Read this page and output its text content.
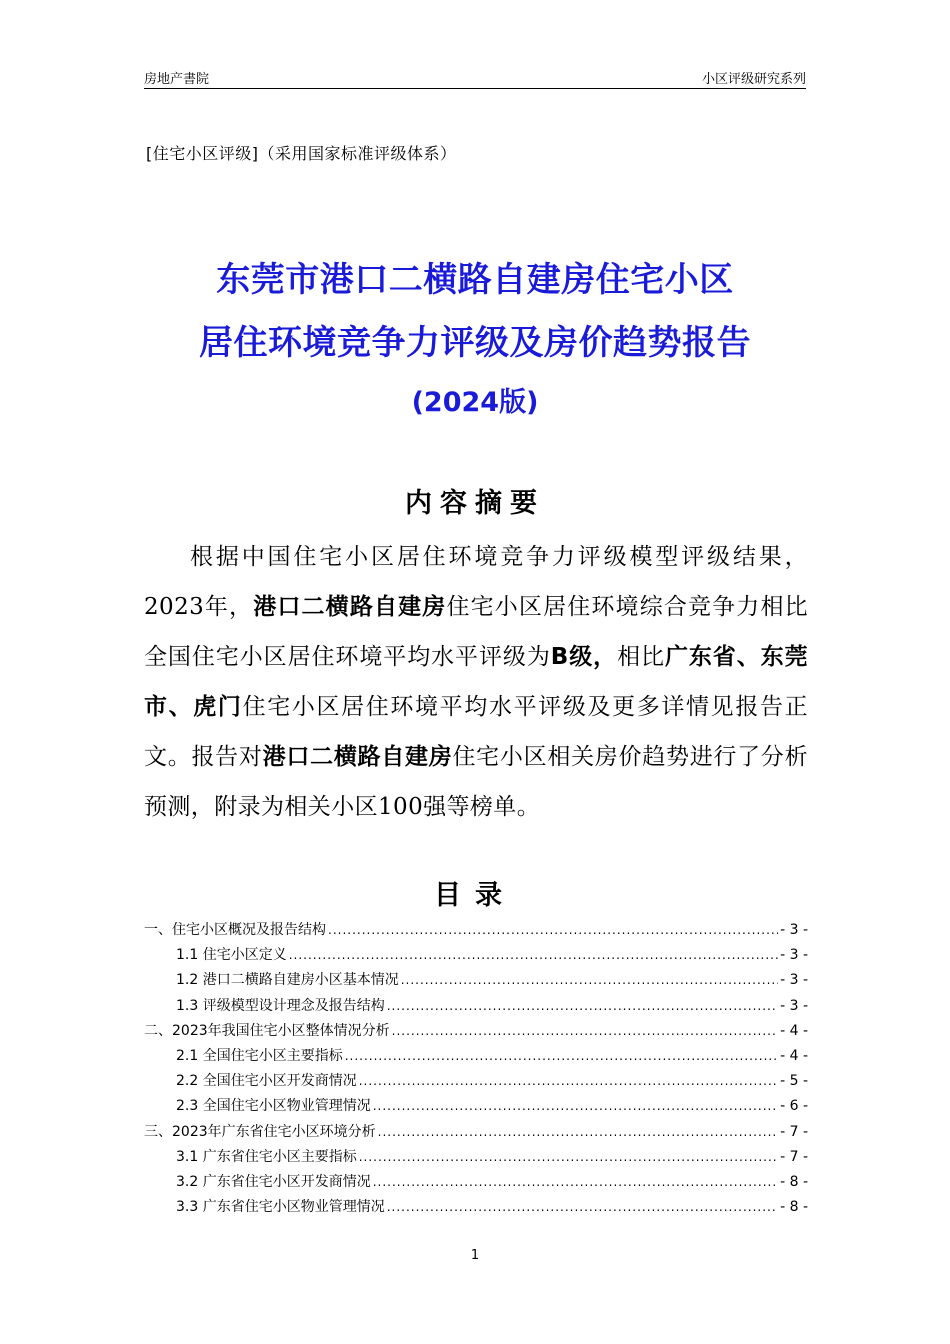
房地产書院	小区评级研究系列
[住宅小区评级]（采用国家标准评级体系）
东莞市港口二横路自建房住宅小区
居住环境竞争力评级及房价趋势报告
(2024版)
内容摘要
根据中国住宅小区居住环境竞争力评级模型评级结果，2023年，港口二横路自建房住宅小区居住环境综合竞争力相比全国住宅小区居住环境平均水平评级为B级，相比广东省、东莞市、虎门住宅小区居住环境平均水平评级及更多详情见报告正文。报告对港口二横路自建房住宅小区相关房价趋势进行了分析预测，附录为相关小区100强等榜单。
目录
一、住宅小区概况及报告结构 .....	- 3 -
1.1 住宅小区定义 .....	- 3 -
1.2 港口二横路自建房小区基本情况 .....	- 3 -
1.3 评级模型设计理念及报告结构 .....	- 3 -
二、2023年我国住宅小区整体情况分析 .....	- 4 -
2.1 全国住宅小区主要指标 .....	- 4 -
2.2 全国住宅小区开发商情况 .....	- 5 -
2.3 全国住宅小区物业管理情况 .....	- 6 -
三、2023年广东省住宅小区环境分析 .....	- 7 -
3.1 广东省住宅小区主要指标 .....	- 7 -
3.2 广东省住宅小区开发商情况 .....	- 8 -
3.3 广东省住宅小区物业管理情况 .....	- 8 -
1
